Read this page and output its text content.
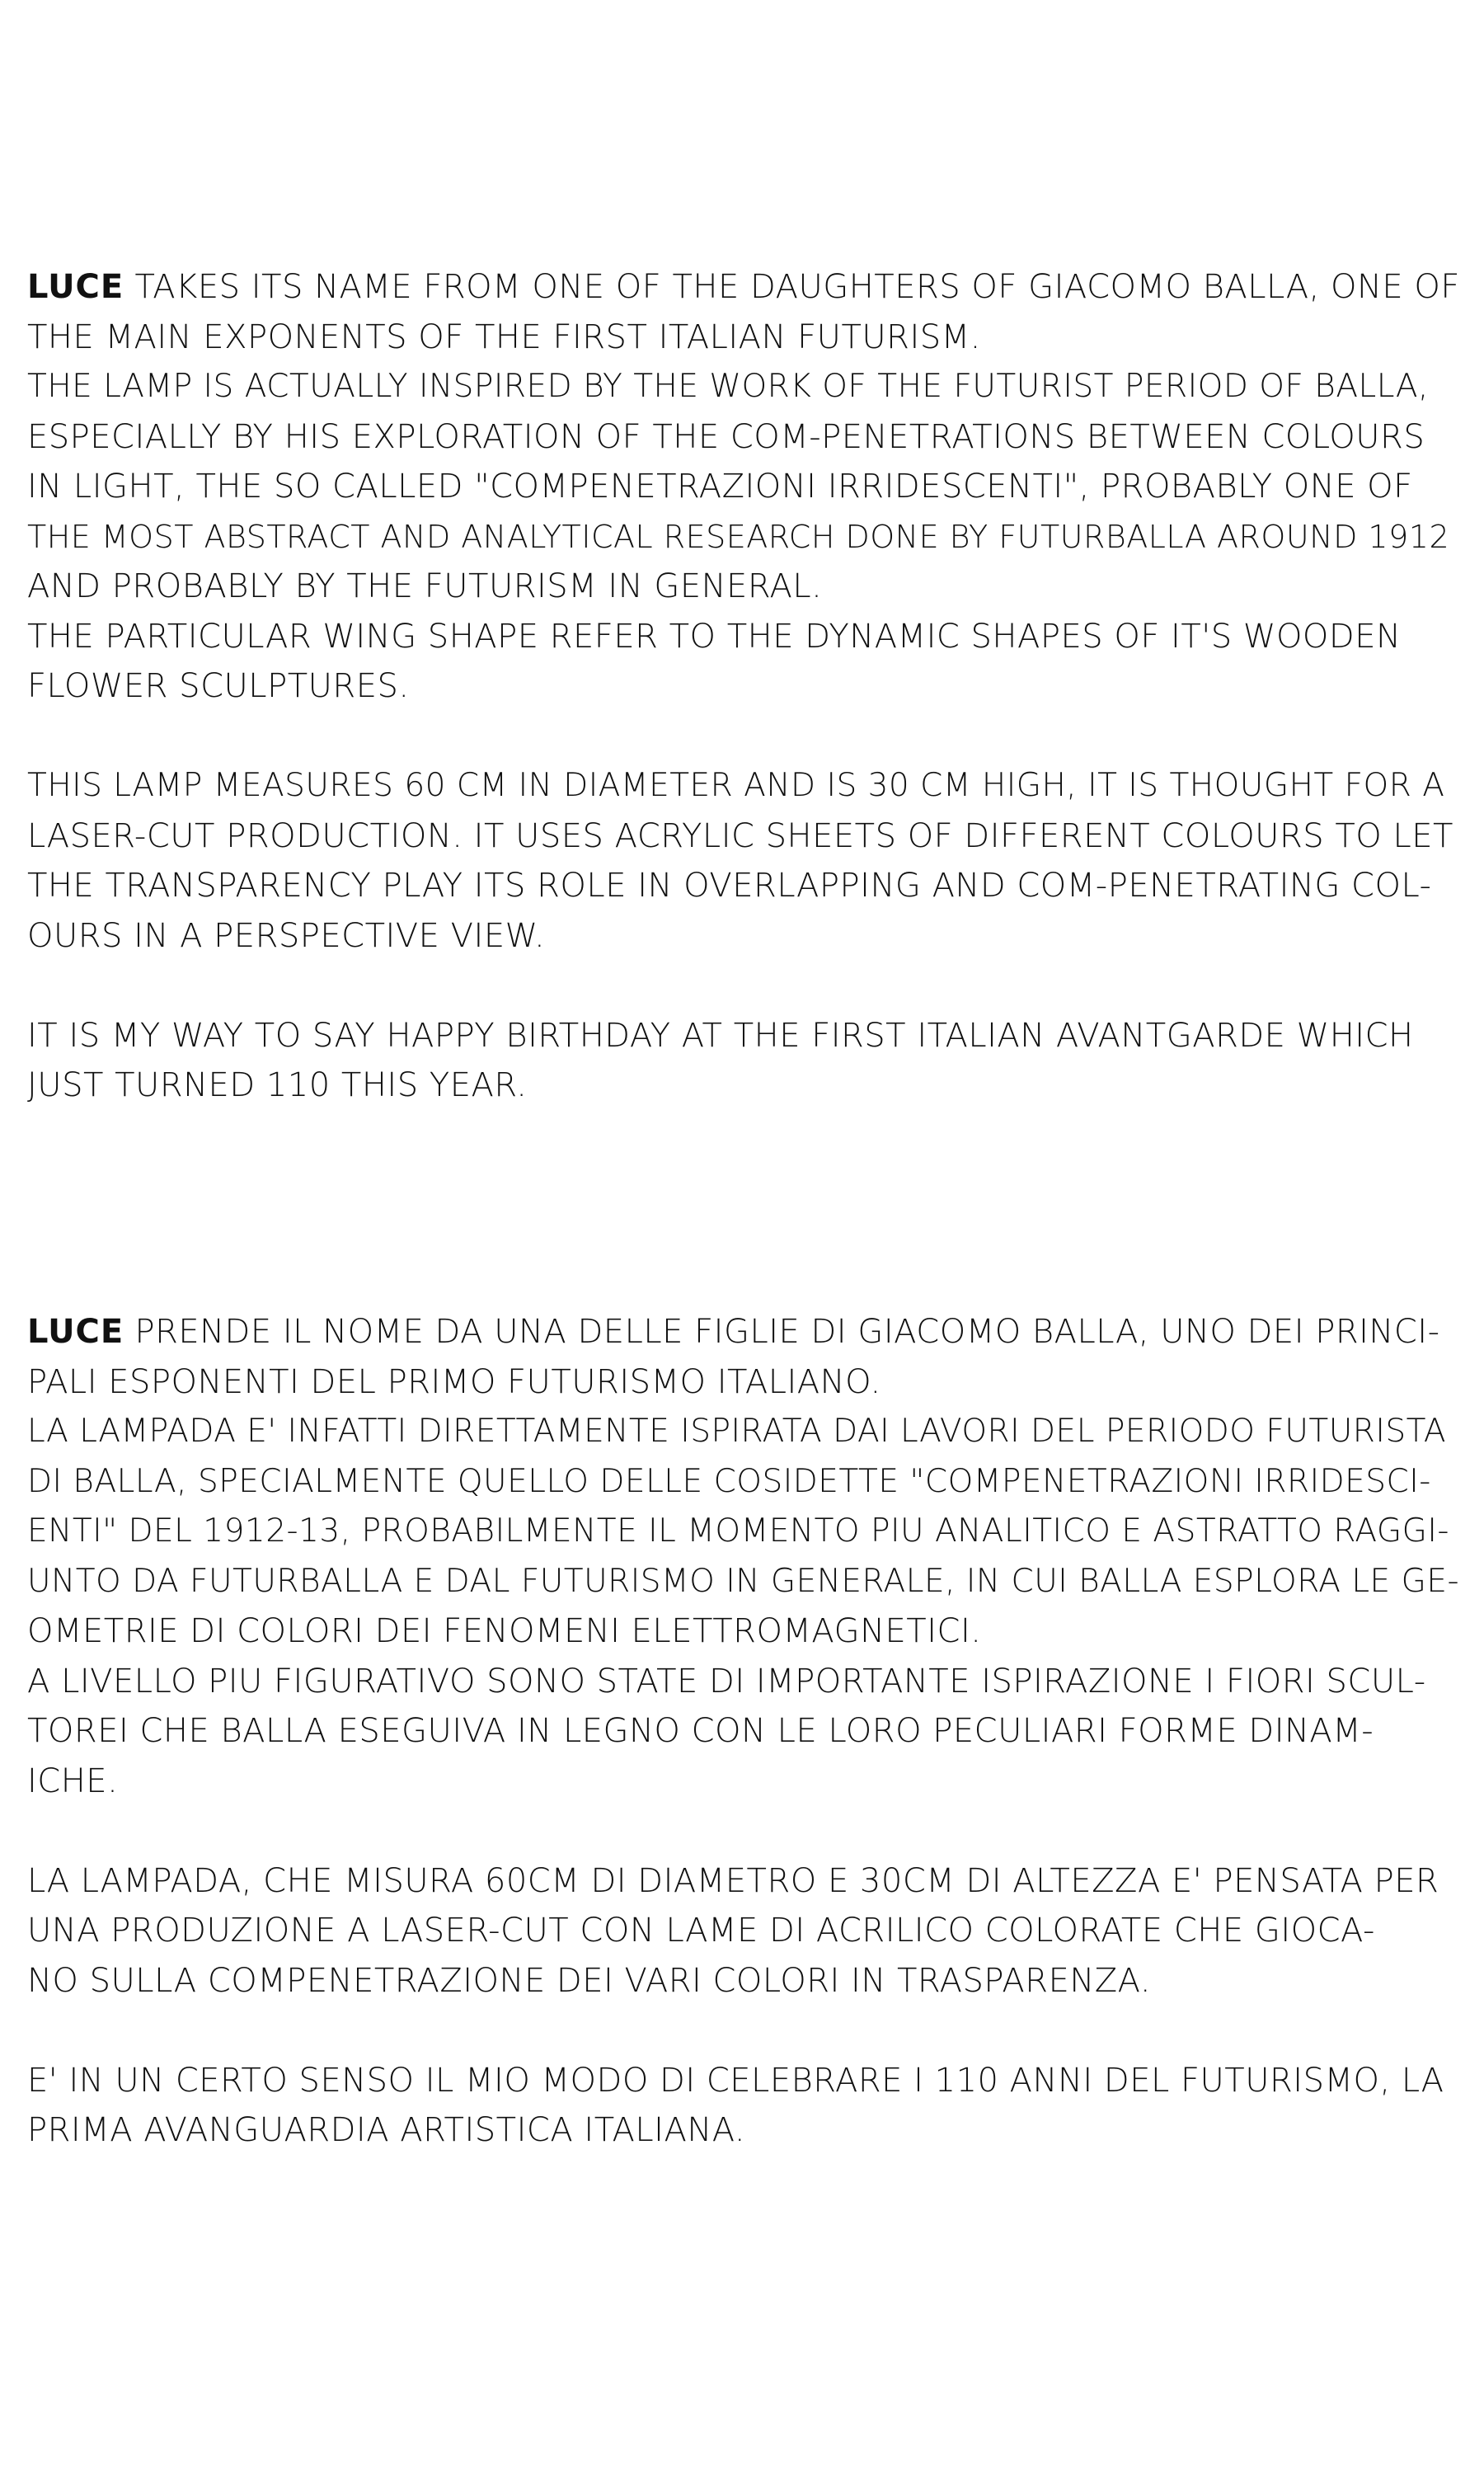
LUCE TAKES ITS NAME FROM ONE OF THE DAUGHTERS OF GIACOMO BALLA, ONE OF
THE MAIN EXPONENTS OF THE FIRST ITALIAN FUTURISM.
THE LAMP IS ACTUALLY INSPIRED BY THE WORK OF THE FUTURIST PERIOD OF BALLA,
ESPECIALLY BY HIS EXPLORATION OF THE COM-PENETRATIONS BETWEEN COLOURS
IN LIGHT, THE SO CALLED "COMPENETRAZIONI IRRIDESCENTI", PROBABLY ONE OF
THE MOST ABSTRACT AND ANALYTICAL RESEARCH DONE BY FUTURBALLA AROUND 1912
AND PROBABLY BY THE FUTURISM IN GENERAL.
THE PARTICULAR WING SHAPE REFER TO THE DYNAMIC SHAPES OF IT'S WOODEN
FLOWER SCULPTURES.
THIS LAMP MEASURES 60 CM IN DIAMETER AND IS 30 CM HIGH, IT IS THOUGHT FOR A
LASER-CUT PRODUCTION. IT USES ACRYLIC SHEETS OF DIFFERENT COLOURS TO LET
THE TRANSPARENCY PLAY ITS ROLE IN OVERLAPPING AND COM-PENETRATING COL-
OURS IN A PERSPECTIVE VIEW.
IT IS MY WAY TO SAY HAPPY BIRTHDAY AT THE FIRST ITALIAN AVANTGARDE WHICH
JUST TURNED 110 THIS YEAR.
LUCE PRENDE IL NOME DA UNA DELLE FIGLIE DI GIACOMO BALLA, UNO DEI PRINCI-
PALI ESPONENTI DEL PRIMO FUTURISMO ITALIANO.
LA LAMPADA E' INFATTI DIRETTAMENTE ISPIRATA DAI LAVORI DEL PERIODO FUTURISTA
DI BALLA, SPECIALMENTE QUELLO DELLE COSIDETTE "COMPENETRAZIONI IRRIDESCI-
ENTI" DEL 1912-13, PROBABILMENTE IL MOMENTO PIU ANALITICO E ASTRATTO RAGGI-
UNTO DA FUTURBALLA E DAL FUTURISMO IN GENERALE, IN CUI BALLA ESPLORA LE GE-
OMETRIE DI COLORI DEI FENOMENI ELETTROMAGNETICI.
A LIVELLO PIU FIGURATIVO SONO STATE DI IMPORTANTE ISPIRAZIONE I FIORI SCUL-
TOREI CHE BALLA ESEGUIVA IN LEGNO CON LE LORO PECULIARI FORME DINAM-
ICHE.
LA LAMPADA, CHE MISURA 60CM DI DIAMETRO E 30CM DI ALTEZZA E' PENSATA PER
UNA PRODUZIONE A LASER-CUT CON LAME DI ACRILICO COLORATE CHE GIOCA-
NO SULLA COMPENETRAZIONE DEI VARI COLORI IN TRASPARENZA.
E' IN UN CERTO SENSO IL MIO MODO DI CELEBRARE I 110 ANNI DEL FUTURISMO, LA
PRIMA AVANGUARDIA ARTISTICA ITALIANA.
